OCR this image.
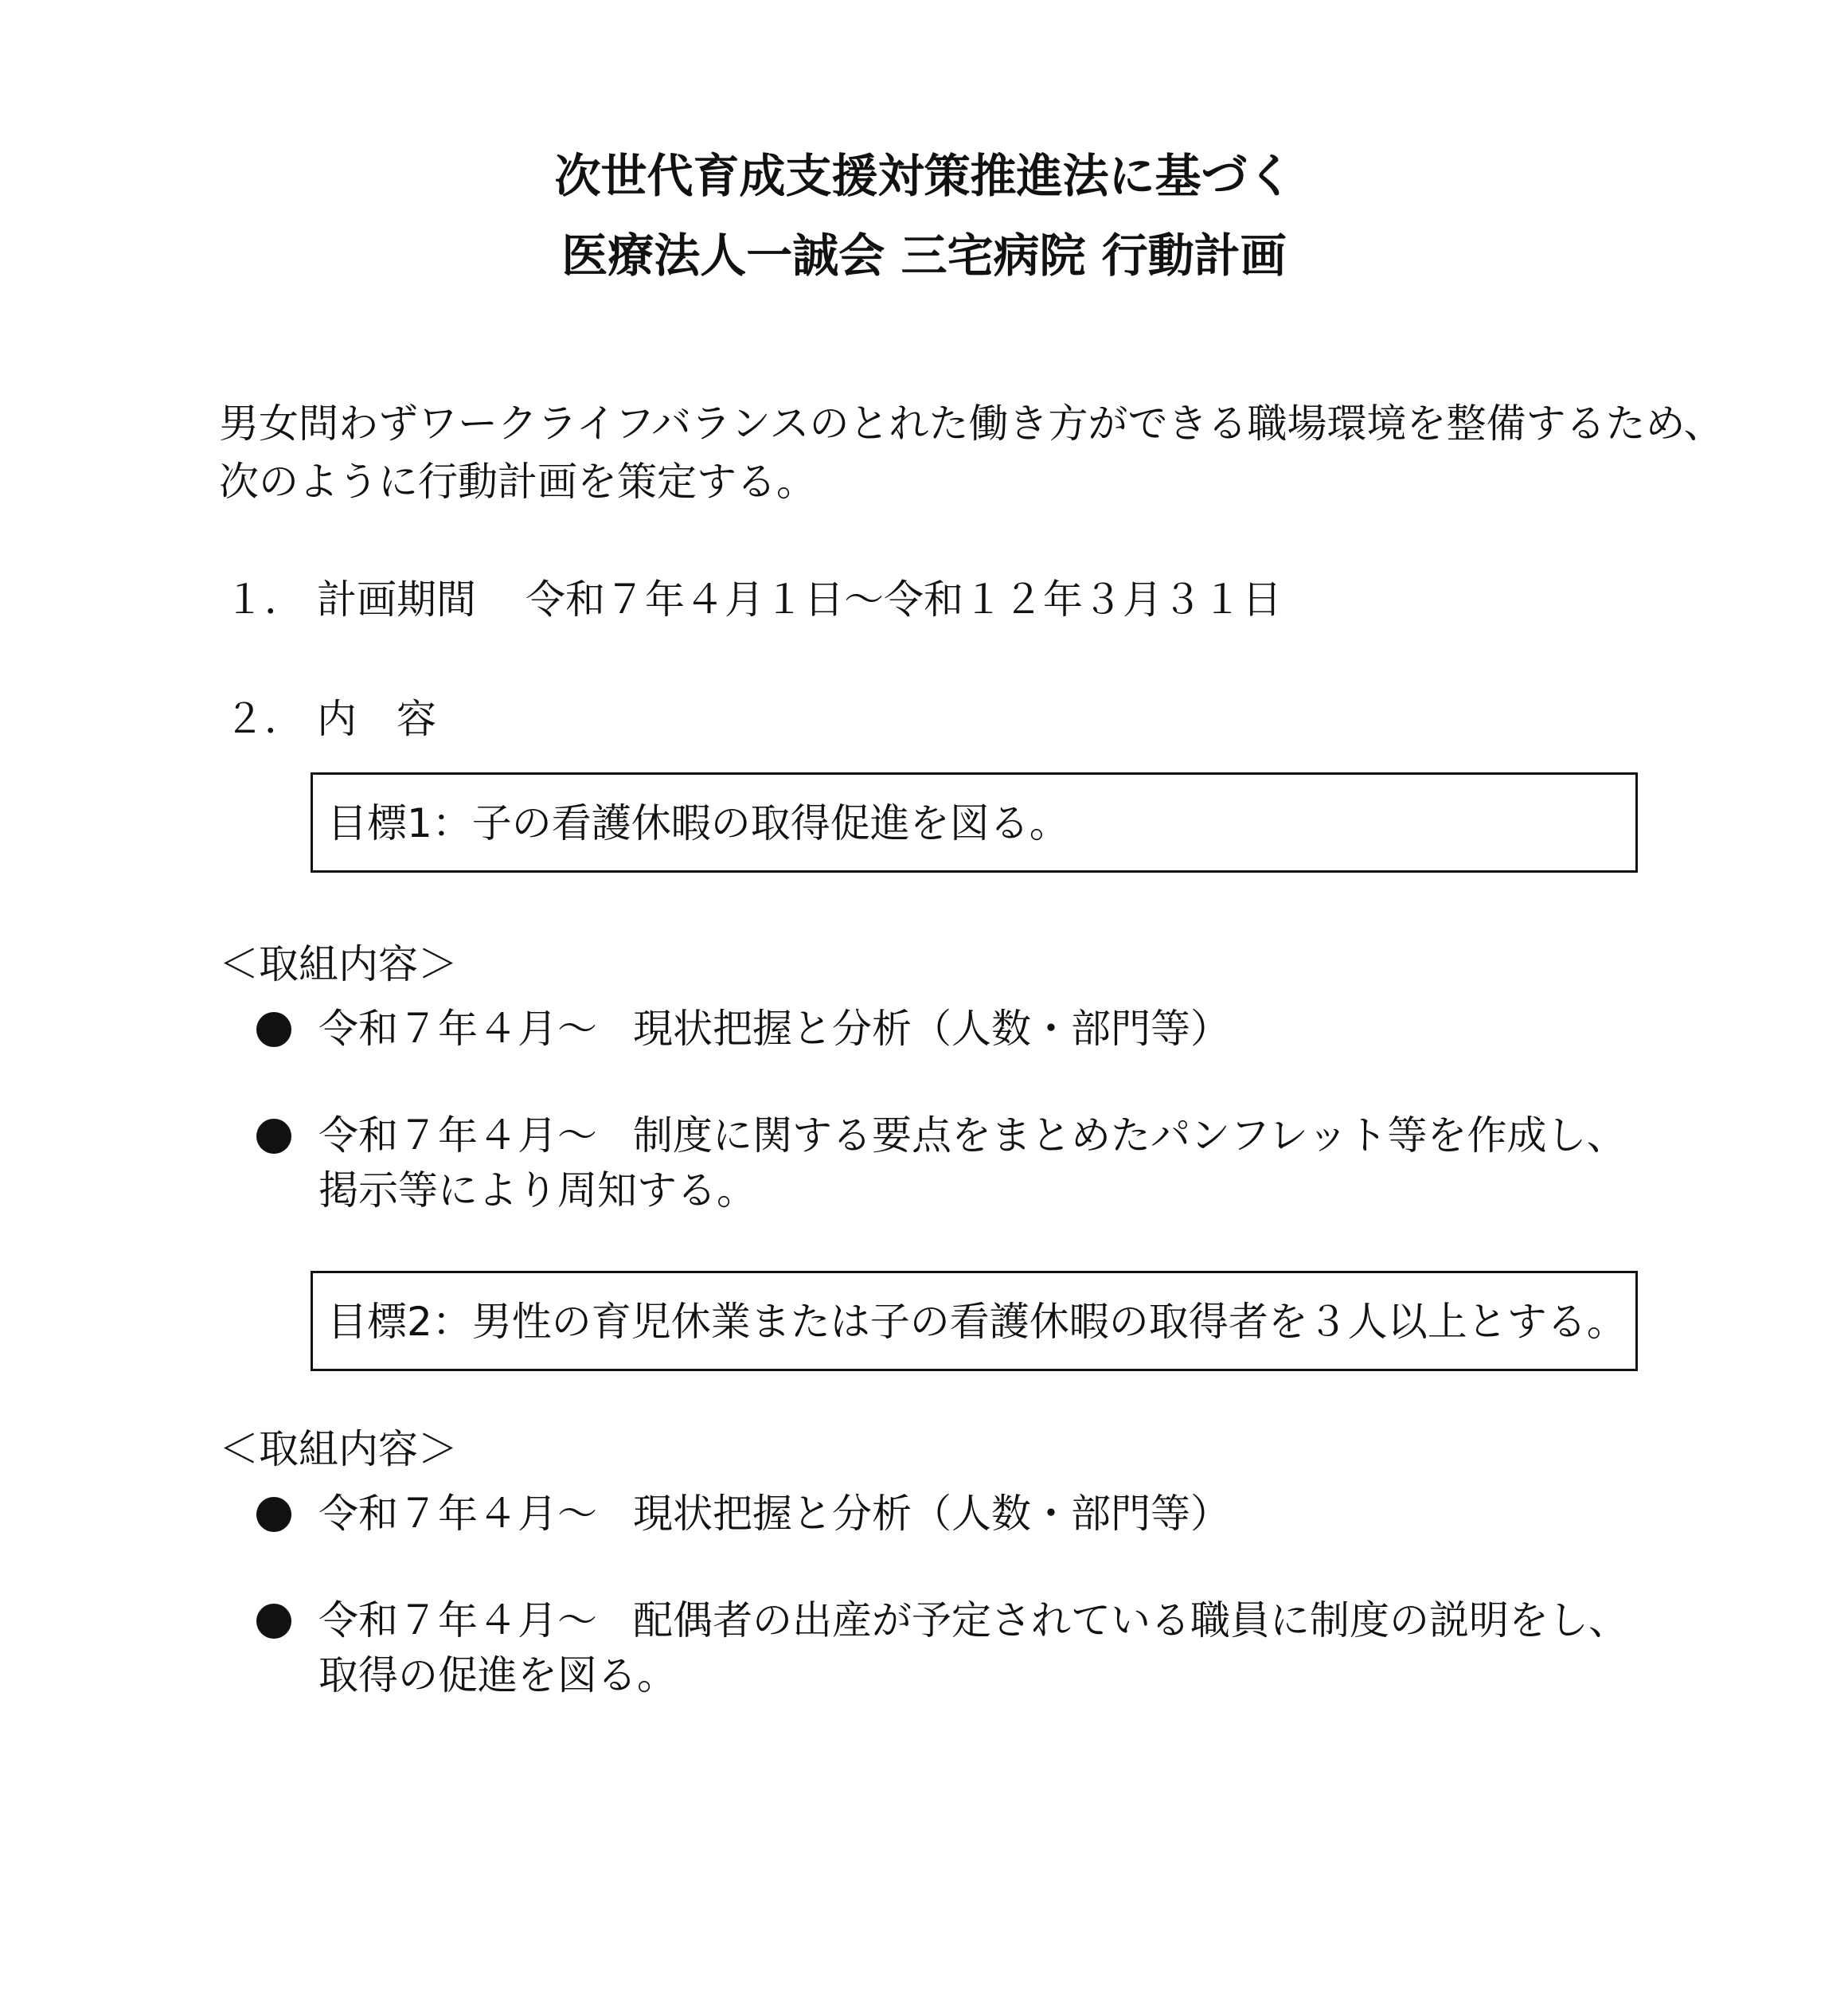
次世代育成支援対策推進法に基づく
医療法人一誠会 三宅病院 行動計画
男女問わずワークライフバランスのとれた働き方ができる職場環境を整備するため、
次のように行動計画を策定する。
１． 計画期間 令和７年４月１日～令和１２年３月３１日
２． 内　容
目標1：子の看護休暇の取得促進を図る。
＜取組内容＞
令和７年４月～ 現状把握と分析（人数・部門等）
令和７年４月～ 制度に関する要点をまとめたパンフレット等を作成し、
掲示等により周知する。
目標2：男性の育児休業または子の看護休暇の取得者を３人以上とする。
＜取組内容＞
令和７年４月～ 現状把握と分析（人数・部門等）
令和７年４月～ 配偶者の出産が予定されている職員に制度の説明をし、
取得の促進を図る。
